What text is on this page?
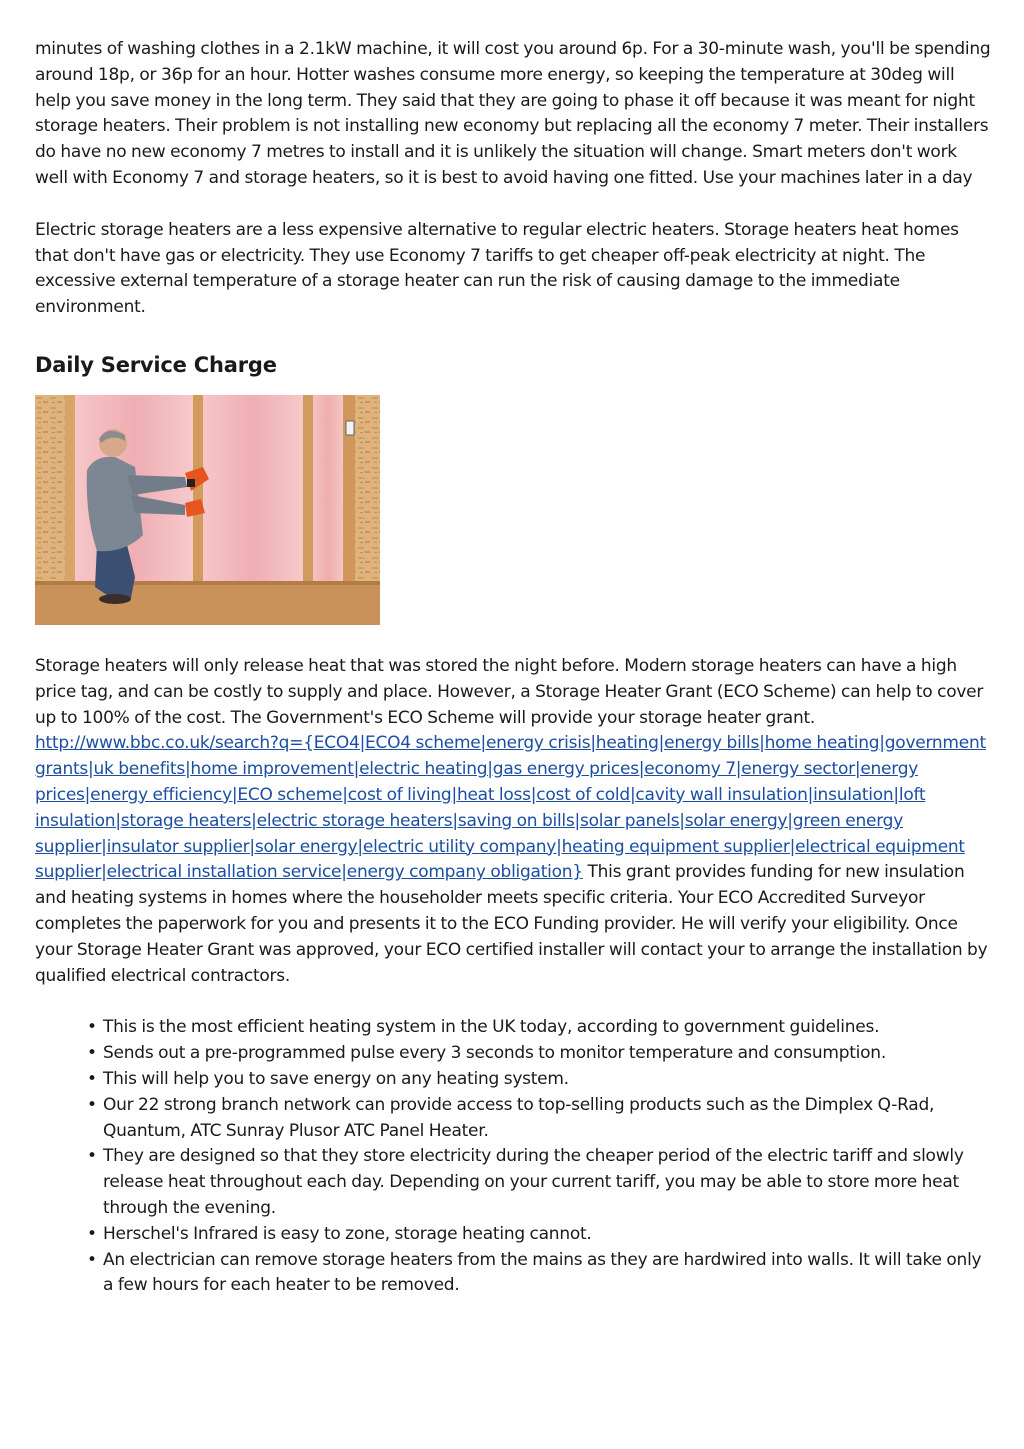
minutes of washing clothes in a 2.1kW machine, it will cost you around 6p. For a 30-minute wash, you'll be spending around 18p, or 36p for an hour. Hotter washes consume more energy, so keeping the temperature at 30deg will help you save money in the long term. They said that they are going to phase it off because it was meant for night storage heaters. Their problem is not installing new economy but replacing all the economy 7 meter. Their installers do have no new economy 7 metres to install and it is unlikely the situation will change. Smart meters don't work well with Economy 7 and storage heaters, so it is best to avoid having one fitted. Use your machines later in a day

Electric storage heaters are a less expensive alternative to regular electric heaters. Storage heaters heat homes that don't have gas or electricity. They use Economy 7 tariffs to get cheaper off-peak electricity at night. The excessive external temperature of a storage heater can run the risk of causing damage to the immediate environment.

Daily Service Charge

Storage heaters will only release heat that was stored the night before. Modern storage heaters can have a high price tag, and can be costly to supply and place. However, a Storage Heater Grant (ECO Scheme) can help to cover up to 100% of the cost. The Government's ECO Scheme will provide your storage heater grant. http://www.bbc.co.uk/search?q={ECO4|ECO4 scheme|energy crisis|heating|energy bills|home heating|government grants|uk benefits|home improvement|electric heating|gas energy prices|economy 7|energy sector|energy prices|energy efficiency|ECO scheme|cost of living|heat loss|cost of cold|cavity wall insulation|insulation|loft insulation|storage heaters|electric storage heaters|saving on bills|solar panels|solar energy|green energy supplier|insulator supplier|solar energy|electric utility company|heating equipment supplier|electrical equipment supplier|electrical installation service|energy company obligation} This grant provides funding for new insulation and heating systems in homes where the householder meets specific criteria. Your ECO Accredited Surveyor completes the paperwork for you and presents it to the ECO Funding provider. He will verify your eligibility. Once your Storage Heater Grant was approved, your ECO certified installer will contact your to arrange the installation by qualified electrical contractors.

• This is the most efficient heating system in the UK today, according to government guidelines.
• Sends out a pre-programmed pulse every 3 seconds to monitor temperature and consumption.
• This will help you to save energy on any heating system.
• Our 22 strong branch network can provide access to top-selling products such as the Dimplex Q-Rad, Quantum, ATC Sunray Plusor ATC Panel Heater.
• They are designed so that they store electricity during the cheaper period of the electric tariff and slowly release heat throughout each day. Depending on your current tariff, you may be able to store more heat through the evening.
• Herschel's Infrared is easy to zone, storage heating cannot.
• An electrician can remove storage heaters from the mains as they are hardwired into walls. It will take only a few hours for each heater to be removed.
